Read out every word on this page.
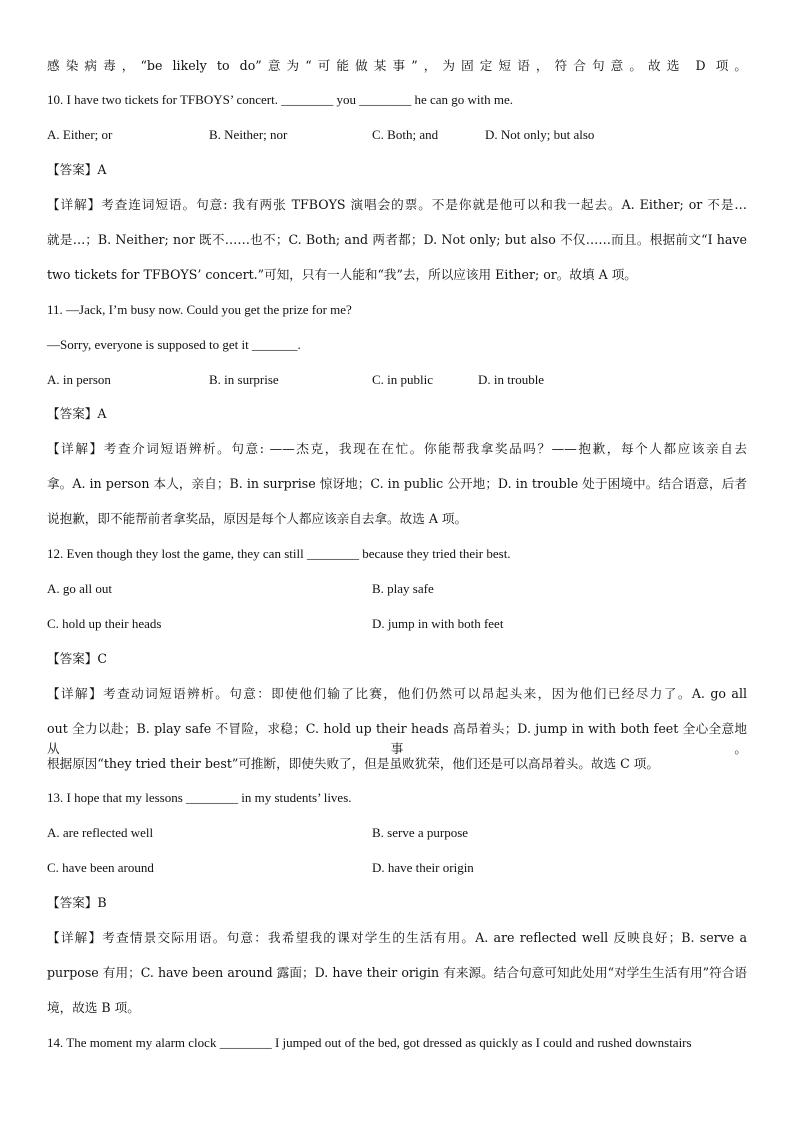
感染病毒，“be likely to do”意为“可能做某事”，为固定短语，符合句意。故选 D 项。
10. I have two tickets for TFBOYS’ concert. ________ you ________ he can go with me.
A. Either; or	B. Neither; nor	C. Both; and	D. Not only; but also
【答案】A
【详解】考查连词短语。句意: 我有两张 TFBOYS 演唱会的票。不是你就是他可以和我一起去。A. Either; or 不是…
就是…；B. Neither; nor 既不……也不；C. Both; and 两者都；D. Not only; but also 不仅……而且。根据前文“I have
two tickets for TFBOYS’ concert.”可知，只有一人能和“我”去，所以应该用 Either; or。故填 A 项。
11. —Jack, I’m busy now. Could you get the prize for me?
—Sorry, everyone is supposed to get it _______.
A. in person	B. in surprise	C. in public	D. in trouble
【答案】A
【详解】考查介词短语辨析。句意: ——杰克，我现在在忙。你能帮我拿奖品吗？——抱歉，每个人都应该亲自去
拿。A. in person 本人，亲自；B. in surprise 惊讶地；C. in public 公开地；D. in trouble 处于困境中。结合语意，后者
说抱歉，即不能帮前者拿奖品，原因是每个人都应该亲自去拿。故选 A 项。
12. Even though they lost the game, they can still ________ because they tried their best.
A. go all out	B. play safe
C. hold up their heads	D. jump in with both feet
【答案】C
【详解】考查动词短语辨析。句意：即使他们输了比赛，他们仍然可以昂起头来，因为他们已经尽力了。A. go all
out 全力以赴；B. play safe 不冒险，求稳；C. hold up their heads 高昂着头；D. jump in with both feet 全心全意地从事。
根据原因“they tried their best”可推断，即使失败了，但是虽败犹荣，他们还是可以高昂着头。故选 C 项。
13. I hope that my lessons ________ in my students’ lives.
A. are reflected well	B. serve a purpose
C. have been around	D. have their origin
【答案】B
【详解】考查情景交际用语。句意：我希望我的课对学生的生活有用。A. are reflected well 反映良好；B. serve a
purpose 有用；C. have been around 露面；D. have their origin 有来源。结合句意可知此处用“对学生生活有用”符合语
境，故选 B 项。
14. The moment my alarm clock ________ I jumped out of the bed, got dressed as quickly as I could and rushed downstairs
